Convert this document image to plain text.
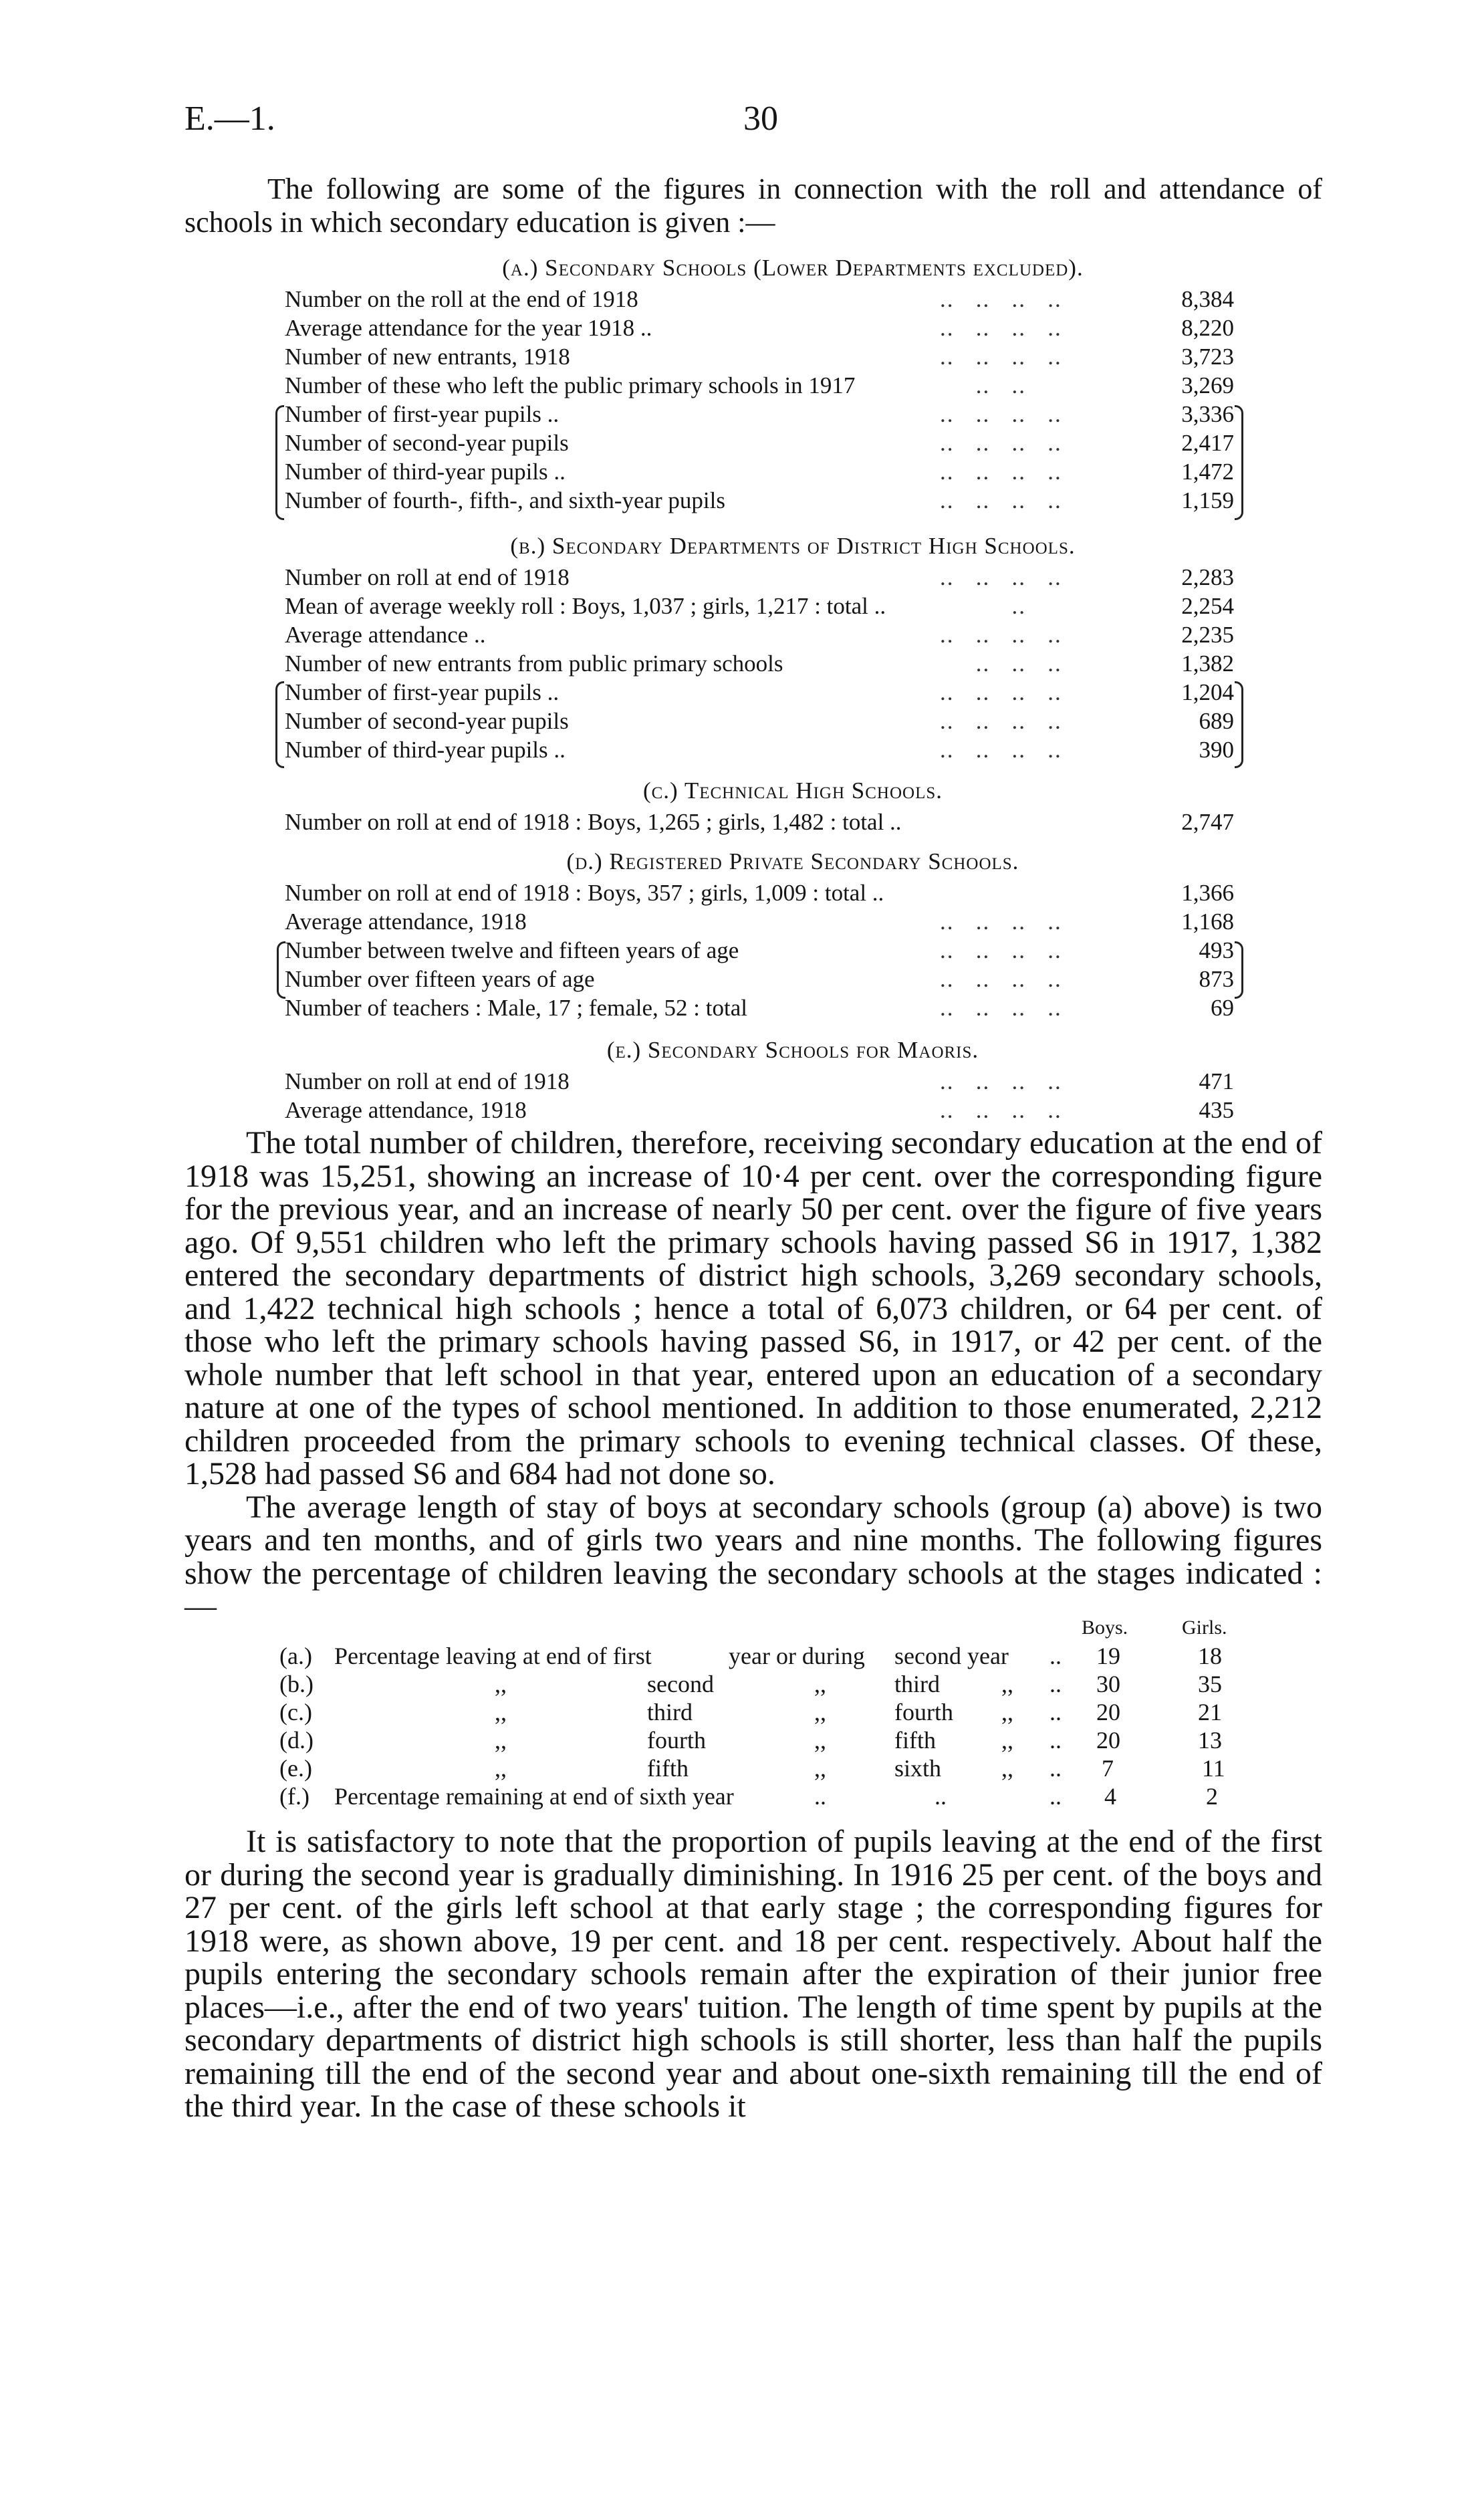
E.—1.	30
The following are some of the figures in connection with the roll and attendance of schools in which secondary education is given :—
(a.) Secondary Schools (Lower Departments excluded).
Number on the roll at the end of 1918	..   ..   ..   ..	8,384
Average attendance for the year 1918 ..	..   ..   ..   ..	8,220
Number of new entrants, 1918	..   ..   ..   ..	3,723
Number of these who left the public primary schools in 1917	..   ..	3,269
Number of first-year pupils ..	..   ..   ..   ..	3,336
Number of second-year pupils	..   ..   ..   ..	2,417
Number of third-year pupils ..	..   ..   ..   ..	1,472
Number of fourth-, fifth-, and sixth-year pupils	..   ..   ..   ..	1,159
(b.) Secondary Departments of District High Schools.
Number on roll at end of 1918	..   ..   ..   ..	2,283
Mean of average weekly roll : Boys, 1,037 ; girls, 1,217 : total .. ..	2,254
Average attendance ..	..   ..   ..   ..	2,235
Number of new entrants from public primary schools	..   ..   ..	1,382
Number of first-year pupils ..	..   ..   ..   ..	1,204
Number of second-year pupils	..   ..   ..   ..	689
Number of third-year pupils ..	..   ..   ..   ..	390
(c.) Technical High Schools.
Number on roll at end of 1918 : Boys, 1,265 ; girls, 1,482 : total ..	2,747
(d.) Registered Private Secondary Schools.
Number on roll at end of 1918 : Boys, 357 ; girls, 1,009 : total ..	1,366
Average attendance, 1918	..   ..   ..   ..	1,168
Number between twelve and fifteen years of age	..   ..   ..   ..	493
Number over fifteen years of age	..   ..   ..   ..	873
Number of teachers : Male, 17 ; female, 52 : total	..   ..   ..   ..	69
(e.) Secondary Schools for Maoris.
Number on roll at end of 1918	..   ..   ..   ..	471
Average attendance, 1918	..   ..   ..   ..	435

The total number of children, therefore, receiving secondary education at the end of 1918 was 15,251, showing an increase of 10·4 per cent. over the corresponding figure for the previous year, and an increase of nearly 50 per cent. over the figure of five years ago. Of 9,551 children who left the primary schools having passed S6 in 1917, 1,382 entered the secondary departments of district high schools, 3,269 secondary schools, and 1,422 technical high schools ; hence a total of 6,073 children, or 64 per cent. of those who left the primary schools having passed S6, in 1917, or 42 per cent. of the whole number that left school in that year, entered upon an education of a secondary nature at one of the types of school mentioned. In addition to those enumerated, 2,212 children proceeded from the primary schools to evening technical classes. Of these, 1,528 had passed S6 and 684 had not done so.

The average length of stay of boys at secondary schools (group (a) above) is two years and ten months, and of girls two years and nine months. The following figures show the percentage of children leaving the secondary schools at the stages indicated :—

Boys.	Girls.
(a.) Percentage leaving at end of first	year or during second year .. 19	18
(b.)	,,	second	,,	third	,, .. 30	35
(c.)	,,	third	,,	fourth ,, .. 20	21
(d.)	,,	fourth	,,	fifth	,, .. 20	13
(e.)	,,	fifth	,,	sixth ,, .. 7	11
(f.) Percentage remaining at end of sixth year	..	..	.. 4	2

It is satisfactory to note that the proportion of pupils leaving at the end of the first or during the second year is gradually diminishing. In 1916 25 per cent. of the boys and 27 per cent. of the girls left school at that early stage ; the corresponding figures for 1918 were, as shown above, 19 per cent. and 18 per cent. respectively. About half the pupils entering the secondary schools remain after the expiration of their junior free places—i.e., after the end of two years' tuition. The length of time spent by pupils at the secondary departments of district high schools is still shorter, less than half the pupils remaining till the end of the second year and about one-sixth remaining till the end of the third year. In the case of these schools it
